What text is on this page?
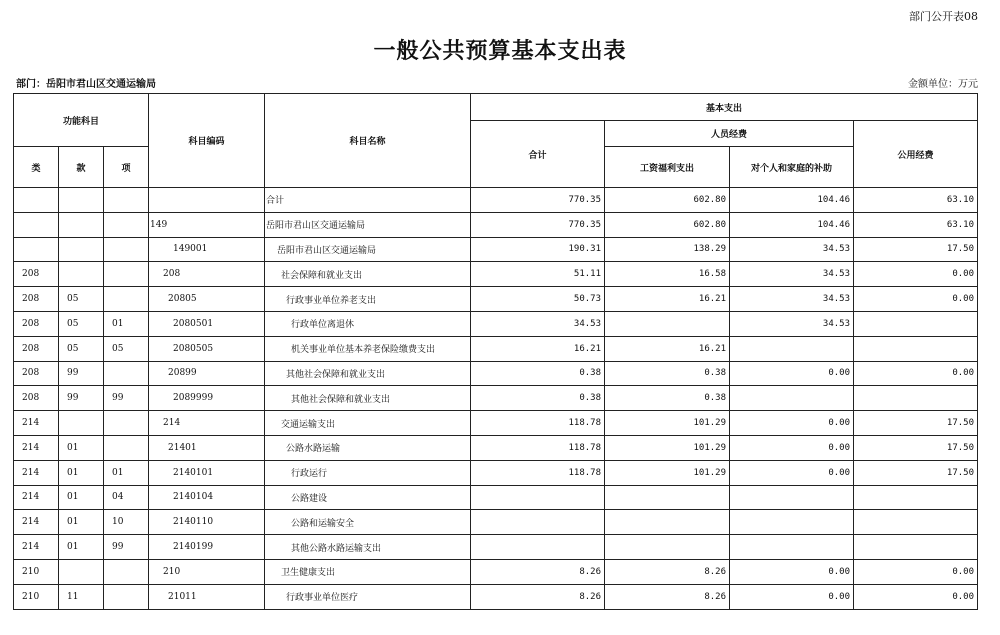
部门公开表08
一般公共预算基本支出表
部门：岳阳市君山区交通运输局	金额单位：万元
功能科目			科目编码	科目名称	基本支出			
					合计	人员经费		公用经费
类	款	项				工资福利支出	对个人和家庭的补助	
				合计	770.35	602.80	104.46	63.10
			149	岳阳市君山区交通运输局	770.35	602.80	104.46	63.10
			149001	岳阳市君山区交通运输局	190.31	138.29	34.53	17.50
208			208	社会保障和就业支出	51.11	16.58	34.53	0.00
208	05		20805	行政事业单位养老支出	50.73	16.21	34.53	0.00
208	05	01	2080501	行政单位离退休	34.53		34.53	
208	05	05	2080505	机关事业单位基本养老保险缴费支出	16.21	16.21		
208	99		20899	其他社会保障和就业支出	0.38	0.38	0.00	0.00
208	99	99	2089999	其他社会保障和就业支出	0.38	0.38		
214			214	交通运输支出	118.78	101.29	0.00	17.50
214	01		21401	公路水路运输	118.78	101.29	0.00	17.50
214	01	01	2140101	行政运行	118.78	101.29	0.00	17.50
214	01	04	2140104	公路建设				
214	01	10	2140110	公路和运输安全				
214	01	99	2140199	其他公路水路运输支出				
210			210	卫生健康支出	8.26	8.26	0.00	0.00
210	11		21011	行政事业单位医疗	8.26	8.26	0.00	0.00
